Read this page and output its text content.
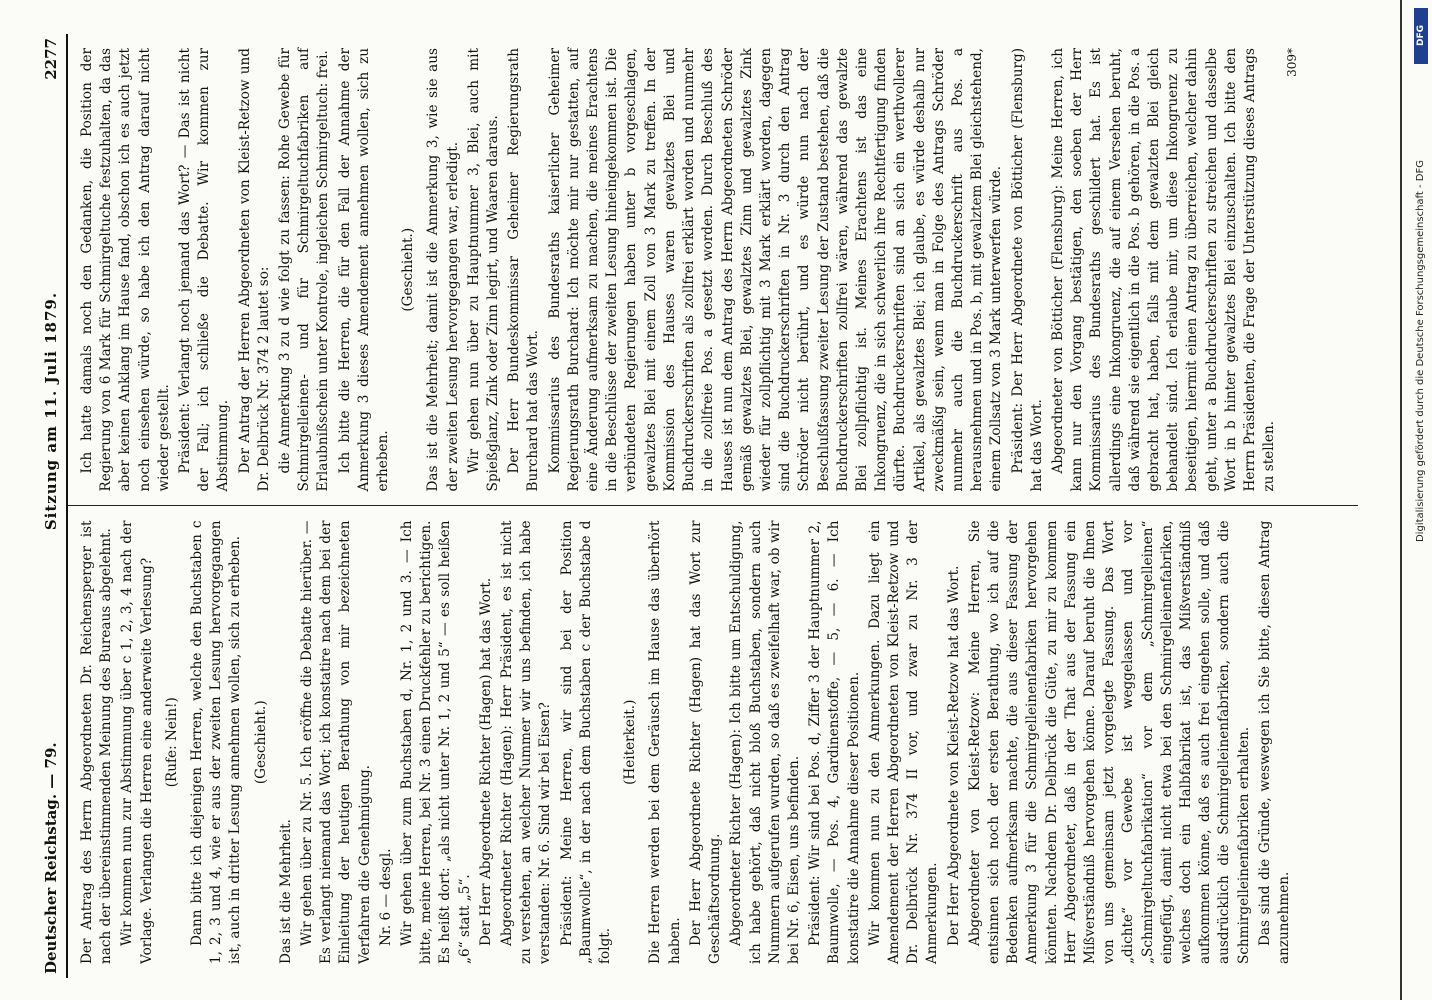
Deutscher Reichstag. — 79.
Sitzung am 11. Juli 1879.
2277

Der Antrag des Herrn Abgeordneten Dr. Reichensperger ist nach der übereinstimmenden Meinung des Bureaus abgelehnt. Wir kommen nun zur Abstimmung über c 1, 2, 3, 4 nach der Vorlage. Verlangen die Herren eine anderweite Verlesung? (Rufe: Nein!) Dann bitte ich diejenigen Herren, welche den Buchstaben c 1, 2, 3 und 4, wie er aus der zweiten Lesung hervorgegangen ist, auch in dritter Lesung annehmen wollen, sich zu erheben. (Geschieht.)

Das ist die Mehrheit. Wir gehen über zu Nr. 5. Ich eröffne die Debatte hierüber. — Es verlangt niemand das Wort; ich konstatire nach dem bei der Einleitung der heutigen Berathung von mir bezeichneten Verfahren die Genehmigung. Nr. 6 — desgl. Wir gehen über zum Buchstaben d, Nr. 1, 2 und 3. — Ich bitte, meine Herren, bei Nr. 3 einen Druckfehler zu berichtigen. Es heißt dort: „als nicht unter Nr. 1, 2 und 5“ — es soll heißen „6“ statt „5“. Der Herr Abgeordnete Richter (Hagen) hat das Wort. Abgeordneter Richter (Hagen): Herr Präsident, es ist nicht zu verstehen, an welcher Nummer wir uns befinden, ich habe verstanden: Nr. 6. Sind wir bei Eisen? Präsident: Meine Herren, wir sind bei der Position „Baumwolle“, in der nach dem Buchstaben c der Buchstabe d folgt.

(Heiterkeit.) Die Herren werden bei dem Geräusch im Hause das überhört haben. Der Herr Abgeordnete Richter (Hagen) hat das Wort zur Geschäftsordnung. Abgeordneter Richter (Hagen): Ich bitte um Entschuldigung, ich habe gehört, daß nicht bloß Buchstaben, sondern auch Nummern aufgerufen wurden, so daß es zweifelhaft war, ob wir bei Nr. 6, Eisen, uns befinden. Präsident: Wir sind bei Pos. d, Ziffer 3 der Hauptnummer 2, Baumwolle, — Pos. 4, Gardinenstoffe, — 5, — 6. — Ich konstatire die Annahme dieser Positionen. Wir kommen nun zu den Anmerkungen. Dazu liegt ein Amendement der Herren Abgeordneten von Kleist-Retzow und Dr. Delbrück Nr. 374 II vor, und zwar zu Nr. 3 der Anmerkungen. Der Herr Abgeordnete von Kleist-Retzow hat das Wort. Abgeordneter von Kleist-Retzow: Meine Herren, Sie entsinnen sich noch der ersten Berathung, wo ich auf die Bedenken aufmerksam machte, die aus dieser Fassung der Anmerkung 3 für die Schmirgelleinenfabriken hervorgehen könnten. Nachdem Dr. Delbrück die Güte, zu mir zu kommen Herr Abgeordneter, daß in der That aus der Fassung ein Mißverständniß hervorgehen könne. Darauf beruht die Ihnen von uns gemeinsam jetzt vorgelegte Fassung. Das Wort „dichte“ vor Gewebe ist weggelassen und vor „Schmirgeltuchfabrikation“ vor dem „Schmirgelleinen“ eingefügt, damit nicht etwa bei den Schmirgelleinenfabriken, welches doch ein Halbfabrikat ist, das Mißverständniß aufkommen könne, daß es auch frei eingehen solle, und daß ausdrücklich die Schmirgelleinenfabriken, sondern auch die Schmirgelleinenfabriken erhalten. Das sind die Gründe, weswegen ich Sie bitte, diesen Antrag anzunehmen.

Ich hatte damals noch den Gedanken, die Position der Regierung von 6 Mark für Schmirgeltuche festzuhalten, da das aber keinen Anklang im Hause fand, obschon ich es auch jetzt noch einsehen würde, so habe ich den Antrag darauf nicht wieder gestellt. Präsident: Verlangt noch jemand das Wort? — Das ist nicht der Fall; ich schließe die Debatte. Wir kommen zur Abstimmung. Der Antrag der Herren Abgeordneten von Kleist-Retzow und Dr. Delbrück Nr. 374 2 lautet so: die Anmerkung 3 zu d wie folgt zu fassen: Rohe Gewebe für Schmirgelleinen- und für Schmirgeltuchfabriken auf Erlaubnißschein unter Kontrole, ingleichen Schmirgeltuch: frei. Ich bitte die Herren, die für den Fall der Annahme der Anmerkung 3 dieses Amendement annehmen wollen, sich zu erheben.

(Geschieht.) Das ist die Mehrheit; damit ist die Anmerkung 3, wie sie aus der zweiten Lesung hervorgegangen war, erledigt. Wir gehen nun über zu Hauptnummer 3, Blei, auch mit Spießglanz, Zink oder Zinn legirt, und Waaren daraus. Der Herr Bundeskommissar Geheimer Regierungsrath Burchard hat das Wort. Kommissarius des Bundesraths kaiserlicher Geheimer Regierungsrath Burchard: Ich möchte mir nur gestatten, auf eine Änderung aufmerksam zu machen, die meines Erachtens in die Beschlüsse der zweiten Lesung hineingekommen ist. Die verbündeten Regierungen haben unter b vorgeschlagen, gewalztes Blei mit einem Zoll von 3 Mark zu treffen. In der Kommission des Hauses waren gewalztes Blei und Buchdruckerschriften als zollfrei erklärt worden und nunmehr in die zollfreie Pos. a gesetzt worden. Durch Beschluß des Hauses ist nun dem Antrag des Herrn Abgeordneten Schröder gemäß gewalztes Blei, gewalztes Zinn und gewalztes Zink wieder für zollpflichtig mit 3 Mark erklärt worden, dagegen sind die Buchdruckerschriften in Nr. 3 durch den Antrag Schröder nicht berührt, und es würde nun nach der Beschlußfassung zweiter Lesung der Zustand bestehen, daß die Buchdruckerschriften zollfrei wären, während das gewalzte Blei zollpflichtig ist. Meines Erachtens ist das eine Inkongruenz, die in sich schwerlich ihre Rechtfertigung finden dürfte. Buchdruckerschriften sind an sich ein werthvollerer Artikel, als gewalztes Blei; ich glaube, es würde deshalb nur zweckmäßig sein, wenn man in Folge des Antrags Schröder nunmehr auch die Buchdruckerschrift aus Pos. a herausnehmen und in Pos. b, mit gewalztem Blei gleichstehend, einem Zollsatz von 3 Mark unterwerfen würde. Präsident: Der Herr Abgeordnete von Bötticher (Flensburg) hat das Wort. Abgeordneter von Bötticher (Flensburg): Meine Herren, ich kann nur den Vorgang bestätigen, den soeben der Herr Kommissarius des Bundesraths geschildert hat. Es ist allerdings eine Inkongruenz, die auf einem Versehen beruht, daß während sie eigentlich in die Pos. b gehören, in die Pos. a gebracht hat, haben, falls mit dem gewalzten Blei gleich behandelt sind. Ich erlaube mir, um diese Inkongruenz zu beseitigen, hiermit einen Antrag zu überreichen, welcher dahin geht, unter a Buchdruckerschriften zu streichen und dasselbe Wort in b hinter gewalztes Blei einzuschalten. Ich bitte den Herrn Präsidenten, die Frage der Unterstützung dieses Antrags zu stellen.

309*
DFG
Digitalisierung gefördert durch die Deutsche Forschungsgemeinschaft - DFG
